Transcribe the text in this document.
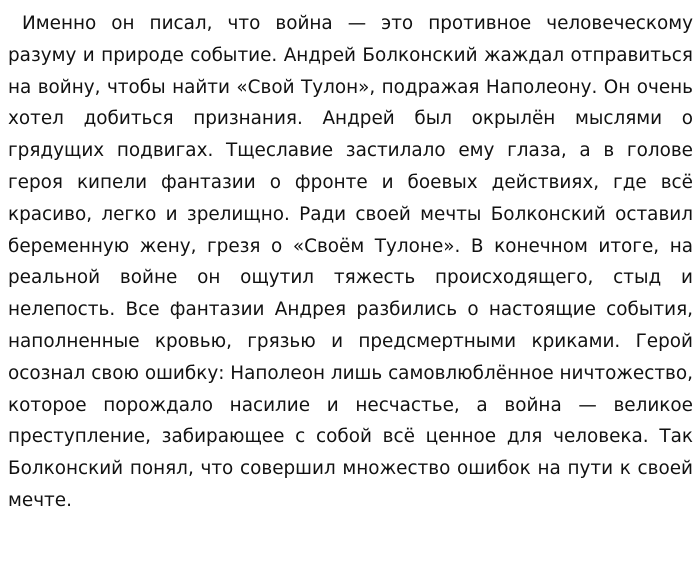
Именно он писал, что война — это противное человеческому разуму и природе событие. Андрей Болконский жаждал отправиться на войну, чтобы найти «Свой Тулон», подражая Наполеону. Он очень хотел добиться признания. Андрей был окрылён мыслями о грядущих подвигах. Тщеславие застилало ему глаза, а в голове героя кипели фантазии о фронте и боевых действиях, где всё красиво, легко и зрелищно. Ради своей мечты Болконский оставил беременную жену, грезя о «Своём Тулоне». В конечном итоге, на реальной войне он ощутил тяжесть происходящего, стыд и нелепость. Все фантазии Андрея разбились о настоящие события, наполненные кровью, грязью и предсмертными криками. Герой осознал свою ошибку: Наполеон лишь самовлюблённое ничтожество, которое порождало насилие и несчастье, а война — великое преступление, забирающее с собой всё ценное для человека. Так Болконский понял, что совершил множество ошибок на пути к своей мечте.
